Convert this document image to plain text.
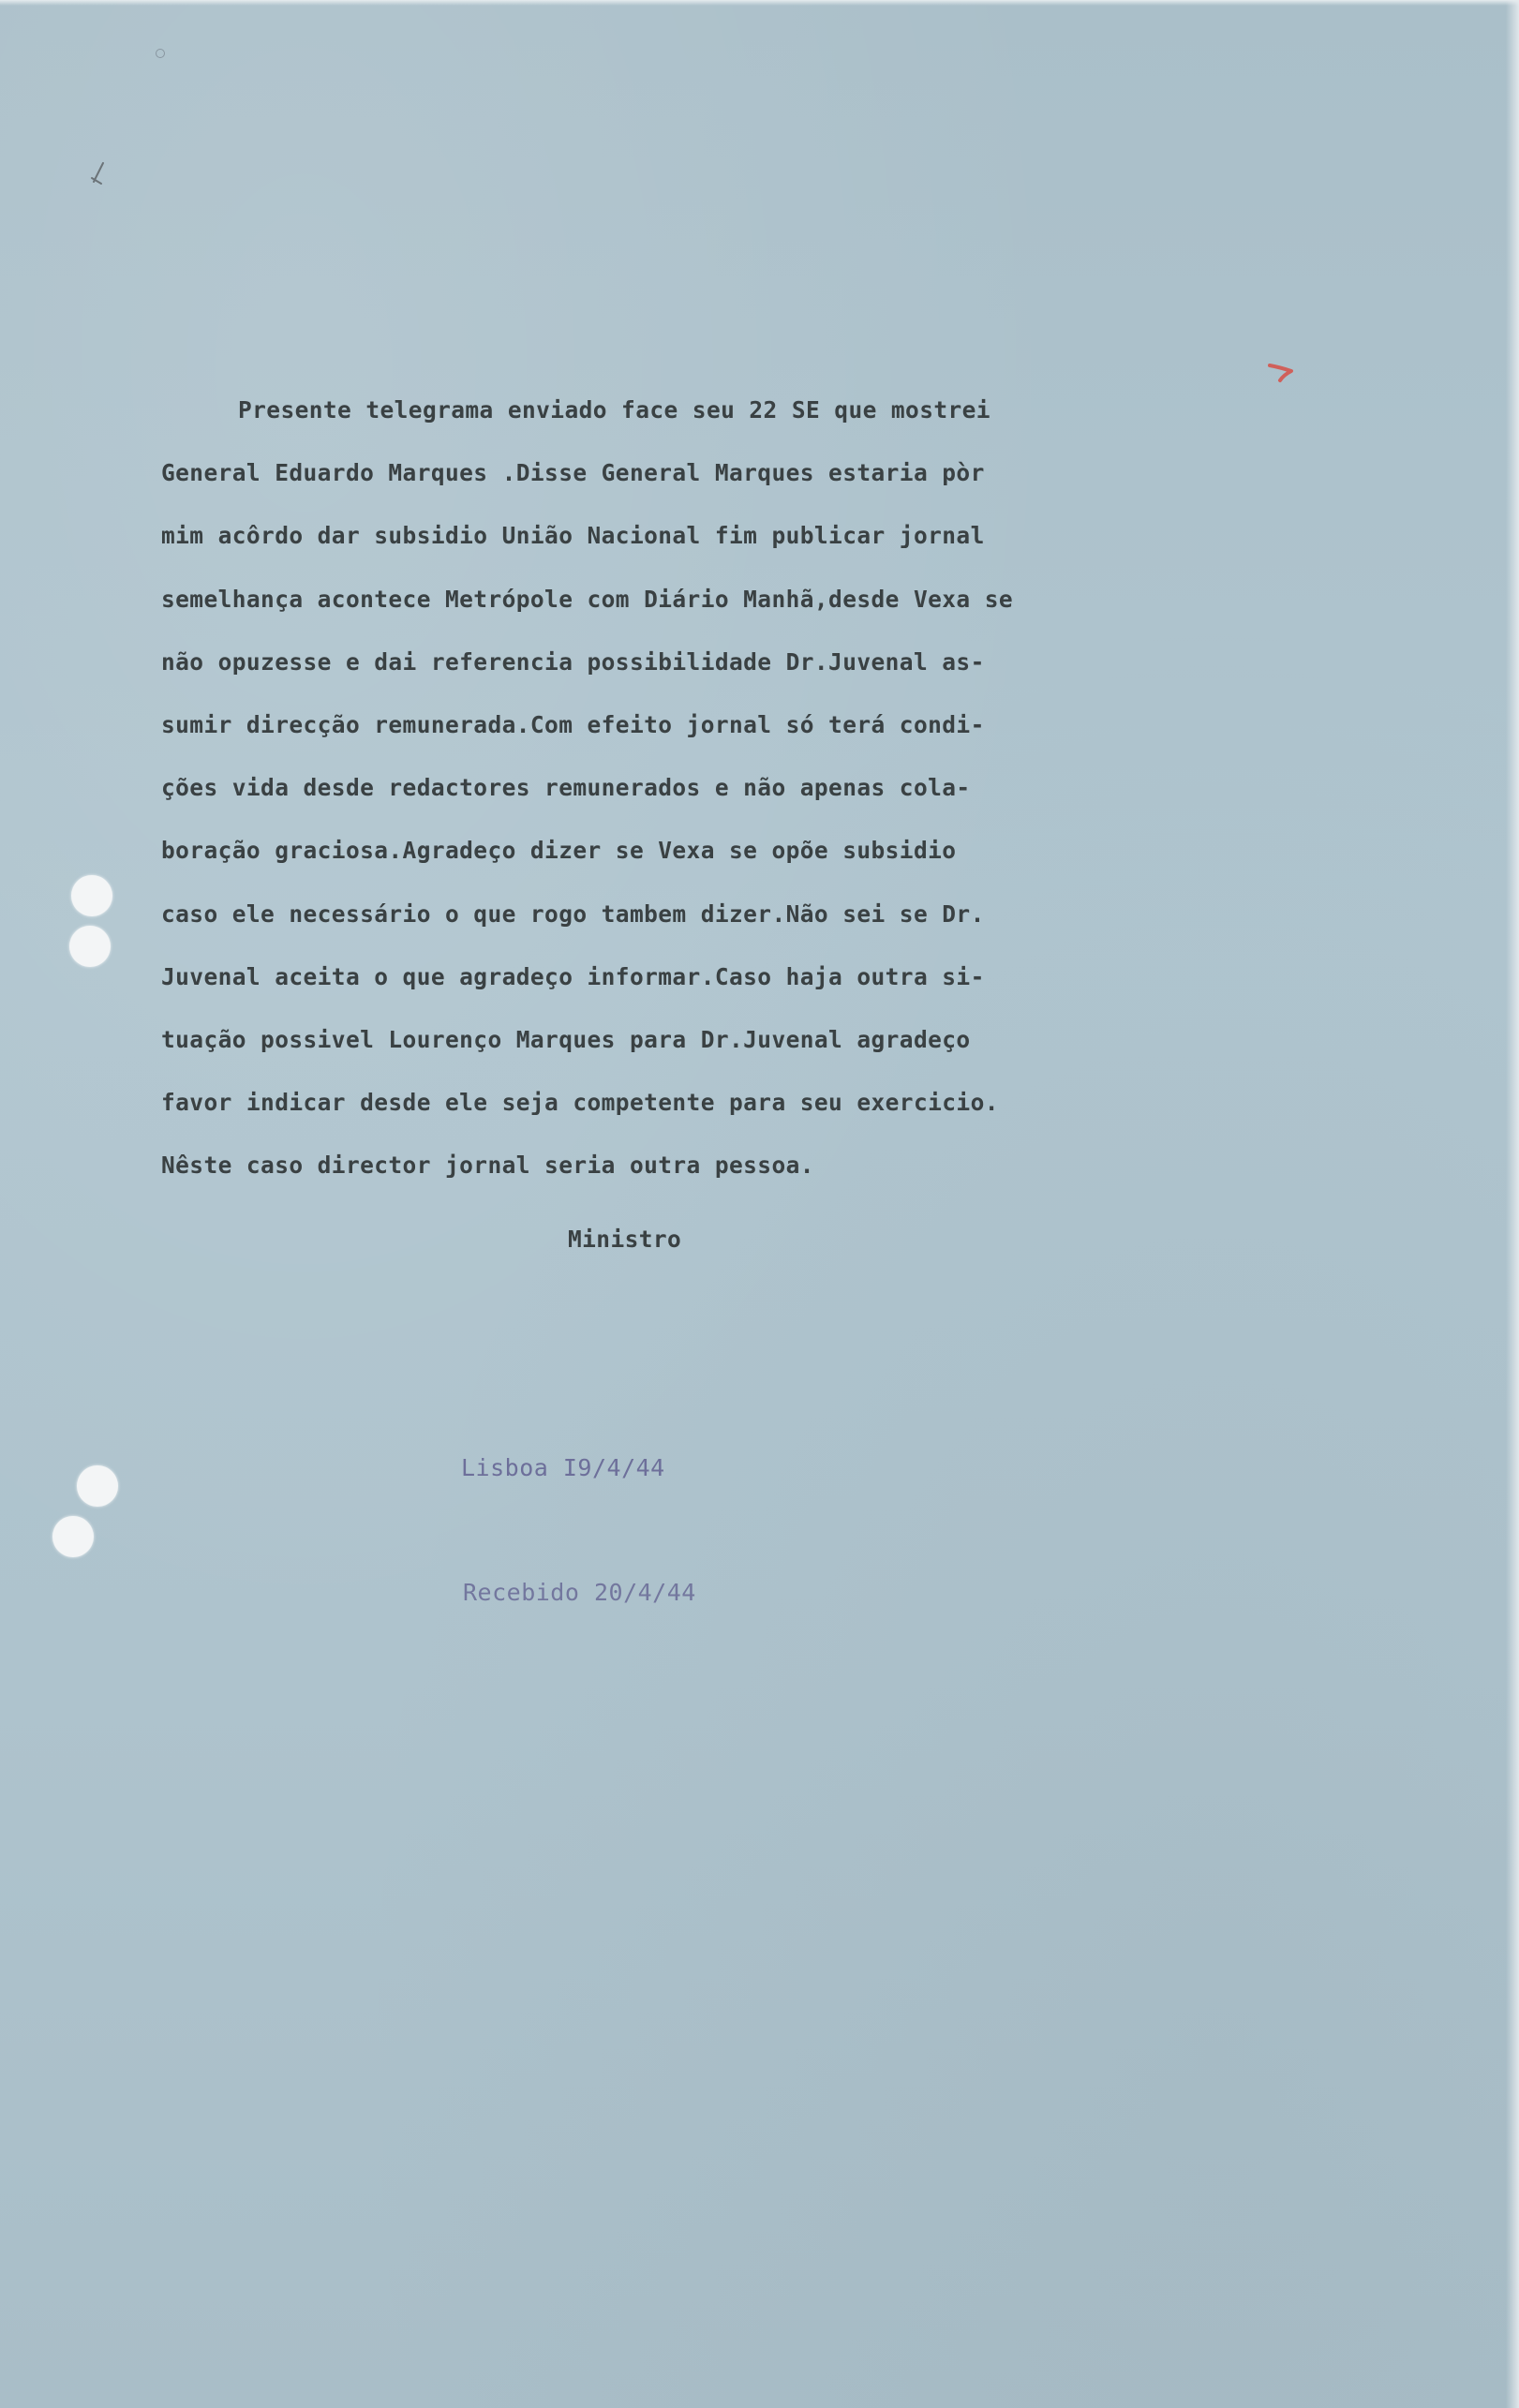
Presente telegrama enviado face seu 22 SE que mostrei
General Eduardo Marques .Disse General Marques estaria pòr
mim acôrdo dar subsidio União Nacional fim publicar jornal
semelhança acontece Metrópole com Diário Manhã,desde Vexa se
não opuzesse e dai referencia possibilidade Dr.Juvenal as-
sumir direcção remunerada.Com efeito jornal só terá condi-
ções vida desde redactores remunerados e não apenas cola-
boração graciosa.Agradeço dizer se Vexa se opõe subsidio
caso ele necessário o que rogo tambem dizer.Não sei se Dr.
Juvenal aceita o que agradeço informar.Caso haja outra si-
tuação possivel Lourenço Marques para Dr.Juvenal agradeço
favor indicar desde ele seja competente para seu exercicio.
Nêste caso director jornal seria outra pessoa.

Ministro
Lisboa I9/4/44
Recebido 20/4/44
